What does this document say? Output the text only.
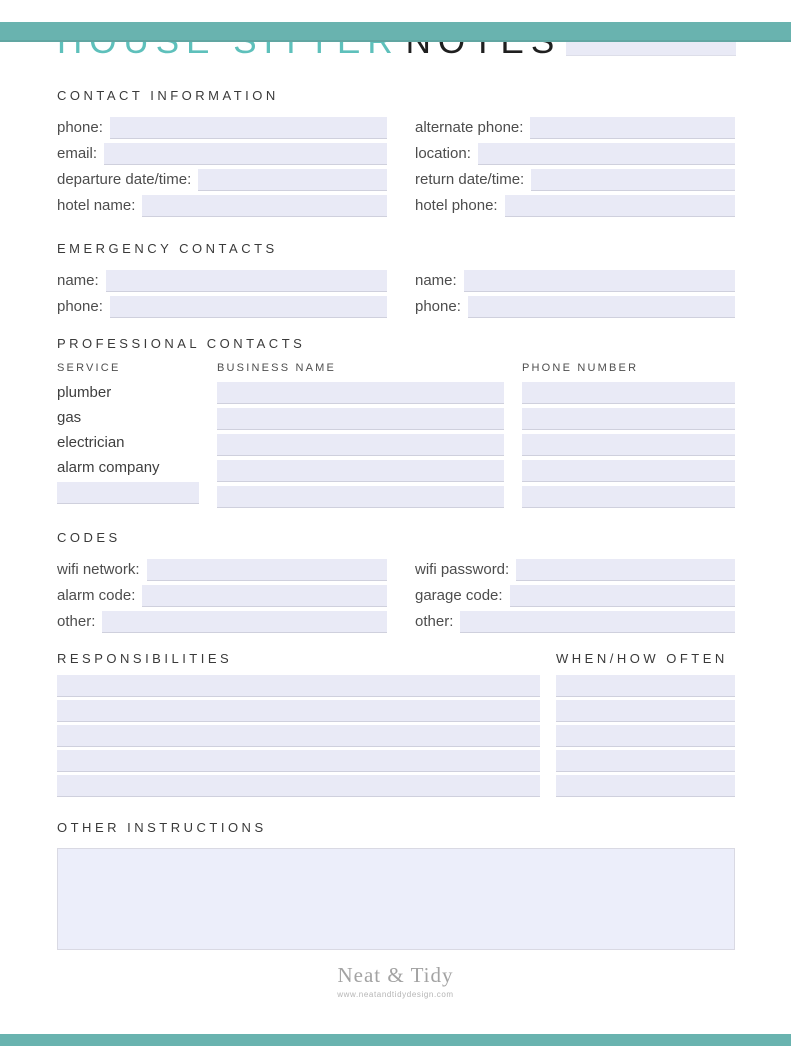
CONTACT INFORMATION
phone:
email:
departure date/time:
hotel name:
alternate phone:
location:
return date/time:
hotel phone:
EMERGENCY CONTACTS
name:
phone:
name:
phone:
PROFESSIONAL CONTACTS
SERVICE	BUSINESS NAME	PHONE NUMBER
plumber
gas
electrician
alarm company
CODES
wifi network:
alarm code:
other:
wifi password:
garage code:
other:
RESPONSIBILITIES	WHEN/HOW OFTEN
OTHER INSTRUCTIONS
Neat & Tidy
www.neatandtidydesign.com
